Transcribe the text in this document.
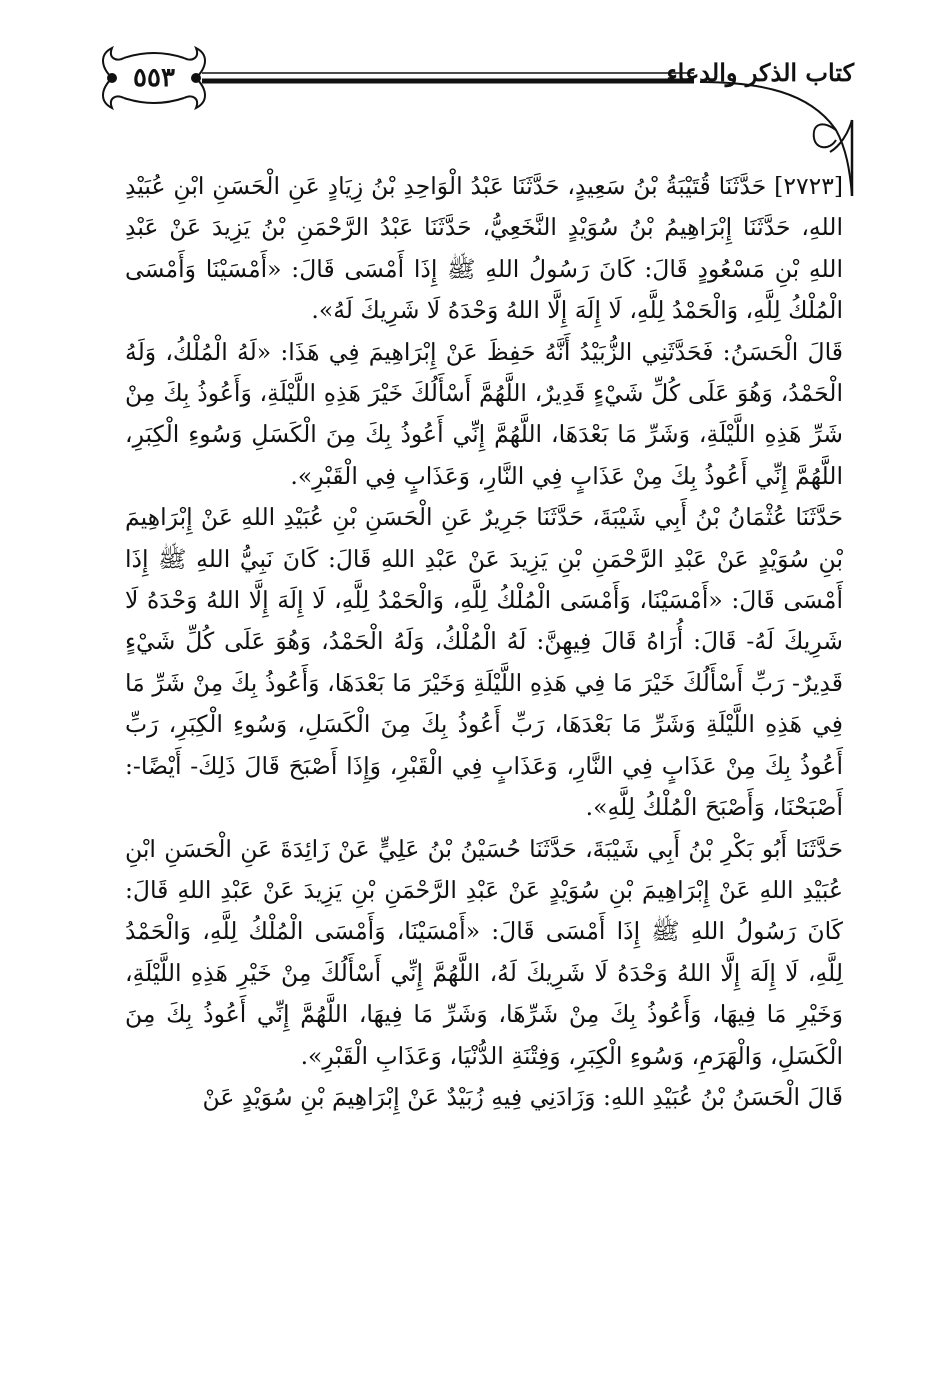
٥٥٣	كتاب الذكر والدعاء

[٢٧٢٣] حَدَّثَنَا قُتَيْبَةُ بْنُ سَعِيدٍ، حَدَّثَنَا عَبْدُ الْوَاحِدِ بْنُ زِيَادٍ عَنِ الْحَسَنِ ابْنِ عُبَيْدِ اللهِ، حَدَّثَنَا إِبْرَاهِيمُ بْنُ سُوَيْدٍ النَّخَعِيُّ، حَدَّثَنَا عَبْدُ الرَّحْمَنِ بْنُ يَزِيدَ عَنْ عَبْدِ اللهِ بْنِ مَسْعُودٍ قَالَ: كَانَ رَسُولُ اللهِ ﷺ إِذَا أَمْسَى قَالَ: «أَمْسَيْنَا وَأَمْسَى الْمُلْكُ لِلَّهِ، وَالْحَمْدُ لِلَّهِ، لَا إِلَهَ إِلَّا اللهُ وَحْدَهُ لَا شَرِيكَ لَهُ».

قَالَ الْحَسَنُ: فَحَدَّثَنِي الزُّبَيْدُ أَنَّهُ حَفِظَ عَنْ إِبْرَاهِيمَ فِي هَذَا: «لَهُ الْمُلْكُ، وَلَهُ الْحَمْدُ، وَهُوَ عَلَى كُلِّ شَيْءٍ قَدِيرٌ، اللَّهُمَّ أَسْأَلُكَ خَيْرَ هَذِهِ اللَّيْلَةِ، وَأَعُوذُ بِكَ مِنْ شَرِّ هَذِهِ اللَّيْلَةِ، وَشَرِّ مَا بَعْدَهَا، اللَّهُمَّ إِنِّي أَعُوذُ بِكَ مِنَ الْكَسَلِ وَسُوءِ الْكِبَرِ، اللَّهُمَّ إِنِّي أَعُوذُ بِكَ مِنْ عَذَابٍ فِي النَّارِ، وَعَذَابٍ فِي الْقَبْرِ».

حَدَّثَنَا عُثْمَانُ بْنُ أَبِي شَيْبَةَ، حَدَّثَنَا جَرِيرٌ عَنِ الْحَسَنِ بْنِ عُبَيْدِ اللهِ عَنْ إِبْرَاهِيمَ بْنِ سُوَيْدٍ عَنْ عَبْدِ الرَّحْمَنِ بْنِ يَزِيدَ عَنْ عَبْدِ اللهِ قَالَ: كَانَ نَبِيُّ اللهِ ﷺ إِذَا أَمْسَى قَالَ: «أَمْسَيْنَا، وَأَمْسَى الْمُلْكُ لِلَّهِ، وَالْحَمْدُ لِلَّهِ، لَا إِلَهَ إِلَّا اللهُ وَحْدَهُ لَا شَرِيكَ لَهُ- قَالَ: أُرَاهُ قَالَ فِيهِنَّ: لَهُ الْمُلْكُ، وَلَهُ الْحَمْدُ، وَهُوَ عَلَى كُلِّ شَيْءٍ قَدِيرٌ- رَبِّ أَسْأَلُكَ خَيْرَ مَا فِي هَذِهِ اللَّيْلَةِ وَخَيْرَ مَا بَعْدَهَا، وَأَعُوذُ بِكَ مِنْ شَرِّ مَا فِي هَذِهِ اللَّيْلَةِ وَشَرِّ مَا بَعْدَهَا، رَبِّ أَعُوذُ بِكَ مِنَ الْكَسَلِ، وَسُوءِ الْكِبَرِ، رَبِّ أَعُوذُ بِكَ مِنْ عَذَابٍ فِي النَّارِ، وَعَذَابٍ فِي الْقَبْرِ، وَإِذَا أَصْبَحَ قَالَ ذَلِكَ- أَيْضًا-: أَصْبَحْنَا، وَأَصْبَحَ الْمُلْكُ لِلَّهِ».

حَدَّثَنَا أَبُو بَكْرِ بْنُ أَبِي شَيْبَةَ، حَدَّثَنَا حُسَيْنُ بْنُ عَلِيٍّ عَنْ زَائِدَةَ عَنِ الْحَسَنِ ابْنِ عُبَيْدِ اللهِ عَنْ إِبْرَاهِيمَ بْنِ سُوَيْدٍ عَنْ عَبْدِ الرَّحْمَنِ بْنِ يَزِيدَ عَنْ عَبْدِ اللهِ قَالَ: كَانَ رَسُولُ اللهِ ﷺ إِذَا أَمْسَى قَالَ: «أَمْسَيْنَا، وَأَمْسَى الْمُلْكُ لِلَّهِ، وَالْحَمْدُ لِلَّهِ، لَا إِلَهَ إِلَّا اللهُ وَحْدَهُ لَا شَرِيكَ لَهُ، اللَّهُمَّ إِنِّي أَسْأَلُكَ مِنْ خَيْرِ هَذِهِ اللَّيْلَةِ، وَخَيْرِ مَا فِيهَا، وَأَعُوذُ بِكَ مِنْ شَرِّهَا، وَشَرِّ مَا فِيهَا، اللَّهُمَّ إِنِّي أَعُوذُ بِكَ مِنَ الْكَسَلِ، وَالْهَرَمِ، وَسُوءِ الْكِبَرِ، وَفِتْنَةِ الدُّنْيَا، وَعَذَابِ الْقَبْرِ».

قَالَ الْحَسَنُ بْنُ عُبَيْدِ اللهِ: وَزَادَنِي فِيهِ زُبَيْدٌ عَنْ إِبْرَاهِيمَ بْنِ سُوَيْدٍ عَنْ
